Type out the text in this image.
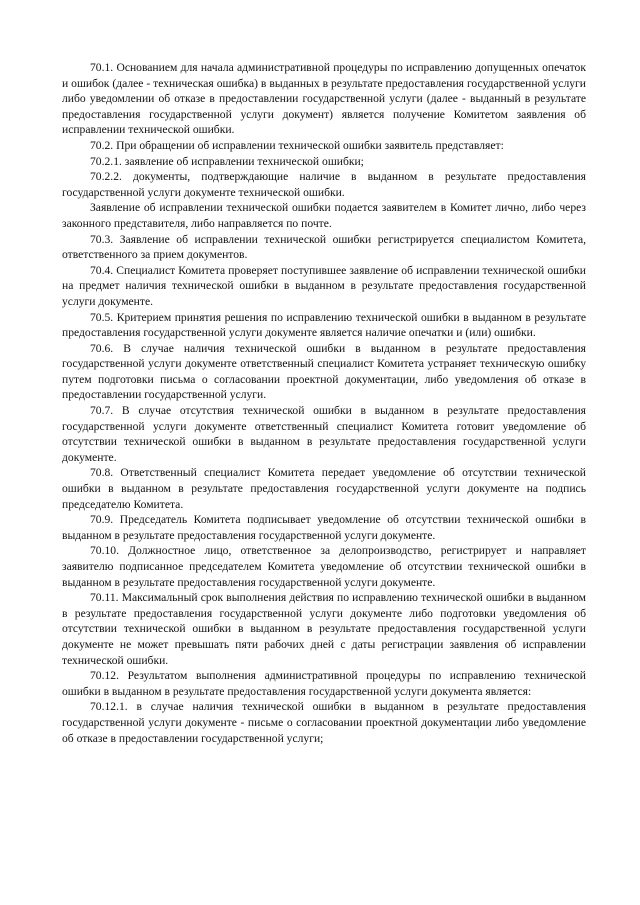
70.1. Основанием для начала административной процедуры по исправлению допущенных опечаток и ошибок (далее - техническая ошибка) в выданных в результате предоставления государственной услуги либо уведомлении об отказе в предоставлении государственной услуги (далее - выданный в результате предоставления государственной услуги документ) является получение Комитетом заявления об исправлении технической ошибки.

70.2. При обращении об исправлении технической ошибки заявитель представляет:

70.2.1. заявление об исправлении технической ошибки;

70.2.2. документы, подтверждающие наличие в выданном в результате предоставления государственной услуги документе технической ошибки.

Заявление об исправлении технической ошибки подается заявителем в Комитет лично, либо через законного представителя, либо направляется по почте.

70.3. Заявление об исправлении технической ошибки регистрируется специалистом Комитета, ответственного за прием документов.

70.4. Специалист Комитета проверяет поступившее заявление об исправлении технической ошибки на предмет наличия технической ошибки в выданном в результате предоставления государственной услуги документе.

70.5. Критерием принятия решения по исправлению технической ошибки в выданном в результате предоставления государственной услуги документе является наличие опечатки и (или) ошибки.

70.6. В случае наличия технической ошибки в выданном в результате предоставления государственной услуги документе ответственный специалист Комитета устраняет техническую ошибку путем подготовки письма о согласовании проектной документации, либо уведомления об отказе в предоставлении государственной услуги.

70.7. В случае отсутствия технической ошибки в выданном в результате предоставления государственной услуги документе ответственный специалист Комитета готовит уведомление об отсутствии технической ошибки в выданном в результате предоставления государственной услуги документе.

70.8. Ответственный специалист Комитета передает уведомление об отсутствии технической ошибки в выданном в результате предоставления государственной услуги документе на подпись председателю Комитета.

70.9. Председатель Комитета подписывает уведомление об отсутствии технической ошибки в выданном в результате предоставления государственной услуги документе.

70.10. Должностное лицо, ответственное за делопроизводство, регистрирует и направляет заявителю подписанное председателем Комитета уведомление об отсутствии технической ошибки в выданном в результате предоставления государственной услуги документе.

70.11. Максимальный срок выполнения действия по исправлению технической ошибки в выданном в результате предоставления государственной услуги документе либо подготовки уведомления об отсутствии технической ошибки в выданном в результате предоставления государственной услуги документе не может превышать пяти рабочих дней с даты регистрации заявления об исправлении технической ошибки.

70.12. Результатом выполнения административной процедуры по исправлению технической ошибки в выданном в результате предоставления государственной услуги документа является:

70.12.1. в случае наличия технической ошибки в выданном в результате предоставления государственной услуги документе - письме о согласовании проектной документации либо уведомление об отказе в предоставлении государственной услуги;
